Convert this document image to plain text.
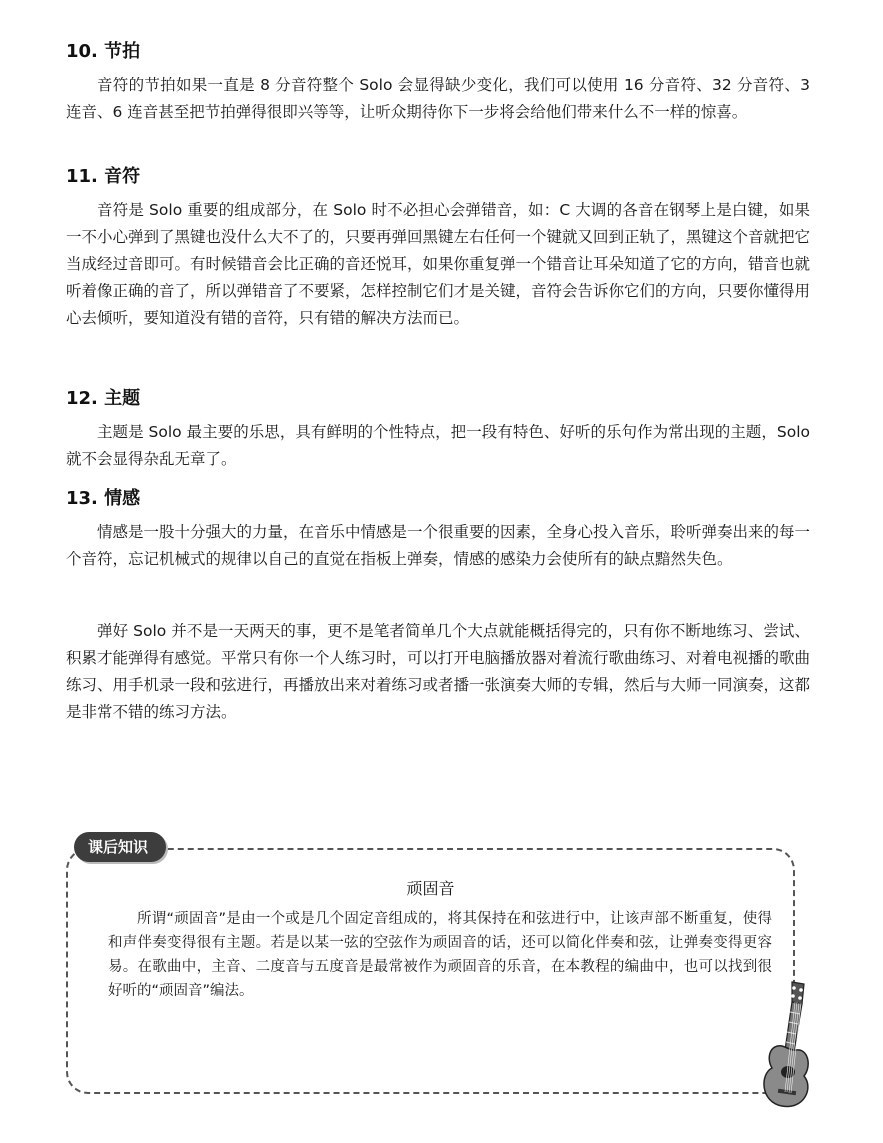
10. 节拍

音符的节拍如果一直是 8 分音符整个 Solo 会显得缺少变化，我们可以使用 16 分音符、32 分音符、3 连音、6 连音甚至把节拍弹得很即兴等等，让听众期待你下一步将会给他们带来什么不一样的惊喜。

11. 音符

音符是 Solo 重要的组成部分，在 Solo 时不必担心会弹错音，如：C 大调的各音在钢琴上是白键，如果一不小心弹到了黑键也没什么大不了的，只要再弹回黑键左右任何一个键就又回到正轨了，黑键这个音就把它当成经过音即可。有时候错音会比正确的音还悦耳，如果你重复弹一个错音让耳朵知道了它的方向，错音也就听着像正确的音了，所以弹错音了不要紧，怎样控制它们才是关键，音符会告诉你它们的方向，只要你懂得用心去倾听，要知道没有错的音符，只有错的解决方法而已。

12. 主题

主题是 Solo 最主要的乐思，具有鲜明的个性特点，把一段有特色、好听的乐句作为常出现的主题，Solo 就不会显得杂乱无章了。

13. 情感

情感是一股十分强大的力量，在音乐中情感是一个很重要的因素，全身心投入音乐，聆听弹奏出来的每一个音符，忘记机械式的规律以自己的直觉在指板上弹奏，情感的感染力会使所有的缺点黯然失色。

弹好 Solo 并不是一天两天的事，更不是笔者简单几个大点就能概括得完的，只有你不断地练习、尝试、积累才能弹得有感觉。平常只有你一个人练习时，可以打开电脑播放器对着流行歌曲练习、对着电视播的歌曲练习、用手机录一段和弦进行，再播放出来对着练习或者播一张演奏大师的专辑，然后与大师一同演奏，这都是非常不错的练习方法。

课后知识
顽固音

所谓“顽固音”是由一个或是几个固定音组成的，将其保持在和弦进行中，让该声部不断重复，使得和声伴奏变得很有主题。若是以某一弦的空弦作为顽固音的话，还可以简化伴奏和弦，让弹奏变得更容易。在歌曲中，主音、二度音与五度音是最常被作为顽固音的乐音，在本教程的编曲中，也可以找到很好听的“顽固音”编法。
